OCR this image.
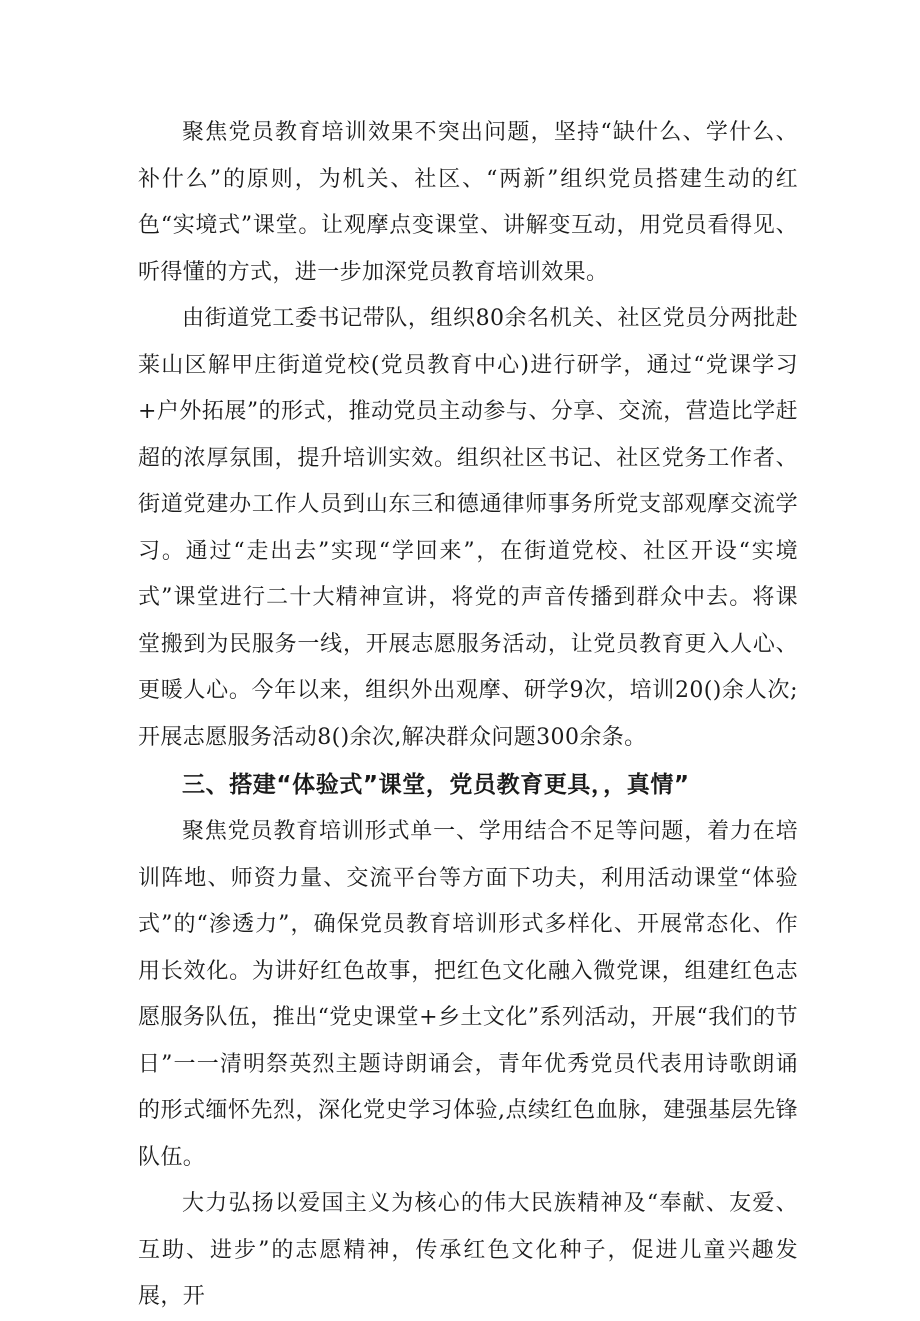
聚焦党员教育培训效果不突出问题，坚持“缺什么、学什么、补什么”的原则，为机关、社区、“两新”组织党员搭建生动的红色“实境式”课堂。让观摩点变课堂、讲解变互动，用党员看得见、听得懂的方式，进一步加深党员教育培训效果。

由街道党工委书记带队，组织80余名机关、社区党员分两批赴莱山区解甲庄街道党校(党员教育中心)进行研学，通过“党课学习+户外拓展”的形式，推动党员主动参与、分享、交流，营造比学赶超的浓厚氛围，提升培训实效。组织社区书记、社区党务工作者、街道党建办工作人员到山东三和德通律师事务所党支部观摩交流学习。通过“走出去”实现“学回来”，在街道党校、社区开设“实境式”课堂进行二十大精神宣讲，将党的声音传播到群众中去。将课堂搬到为民服务一线，开展志愿服务活动，让党员教育更入人心、更暖人心。今年以来，组织外出观摩、研学9次，培训20()余人次;开展志愿服务活动8()余次,解决群众问题300余条。

三、搭建“体验式”课堂，党员教育更具，，真情”

聚焦党员教育培训形式单一、学用结合不足等问题，着力在培训阵地、师资力量、交流平台等方面下功夫，利用活动课堂“体验式”的“渗透力”，确保党员教育培训形式多样化、开展常态化、作用长效化。为讲好红色故事，把红色文化融入微党课，组建红色志愿服务队伍，推出“党史课堂+乡土文化”系列活动，开展“我们的节日”一一清明祭英烈主题诗朗诵会，青年优秀党员代表用诗歌朗诵的形式缅怀先烈，深化党史学习体验,点续红色血脉，建强基层先锋队伍。

大力弘扬以爱国主义为核心的伟大民族精神及“奉献、友爱、互助、进步”的志愿精神，传承红色文化种子，促进儿童兴趣发展，开
